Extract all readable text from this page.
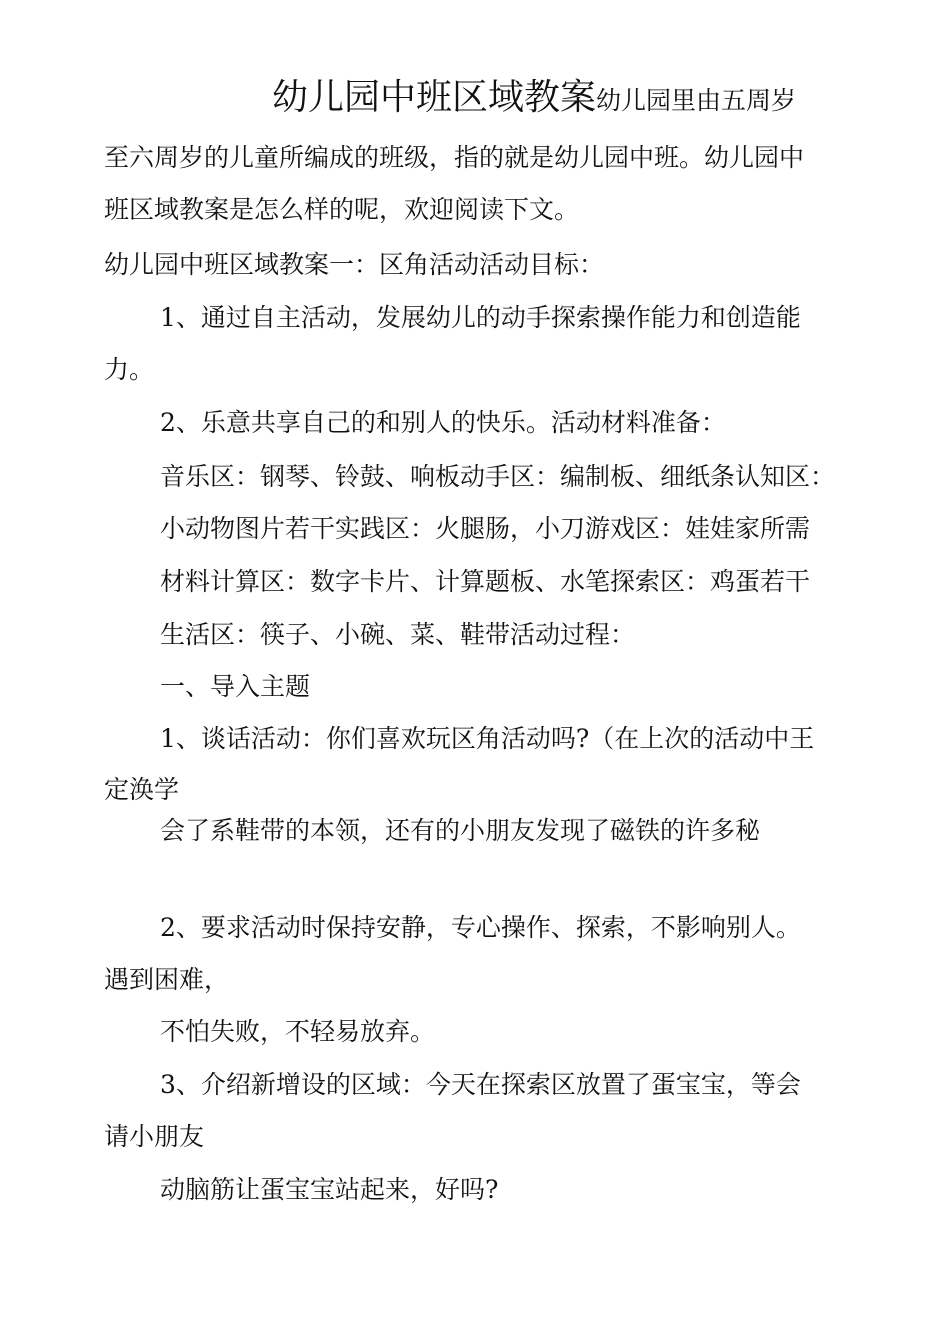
幼儿园中班区域教案幼儿园里由五周岁
至六周岁的儿童所编成的班级，指的就是幼儿园中班。幼儿园中
班区域教案是怎么样的呢，欢迎阅读下文。
幼儿园中班区域教案一：区角活动活动目标：
1、通过自主活动，发展幼儿的动手探索操作能力和创造能
力。
2、乐意共享自己的和别人的快乐。活动材料准备：
音乐区：钢琴、铃鼓、响板动手区：编制板、细纸条认知区：
小动物图片若干实践区：火腿肠，小刀游戏区：娃娃家所需
材料计算区：数字卡片、计算题板、水笔探索区：鸡蛋若干
生活区：筷子、小碗、菜、鞋带活动过程：
一、导入主题
1、谈话活动：你们喜欢玩区角活动吗?（在上次的活动中王
定涣学
会了系鞋带的本领，还有的小朋友发现了磁铁的许多秘
2、要求活动时保持安静，专心操作、探索，不影响别人。
遇到困难，
不怕失败，不轻易放弃。
3、介绍新增设的区域：今天在探索区放置了蛋宝宝，等会
请小朋友
动脑筋让蛋宝宝站起来，好吗?
